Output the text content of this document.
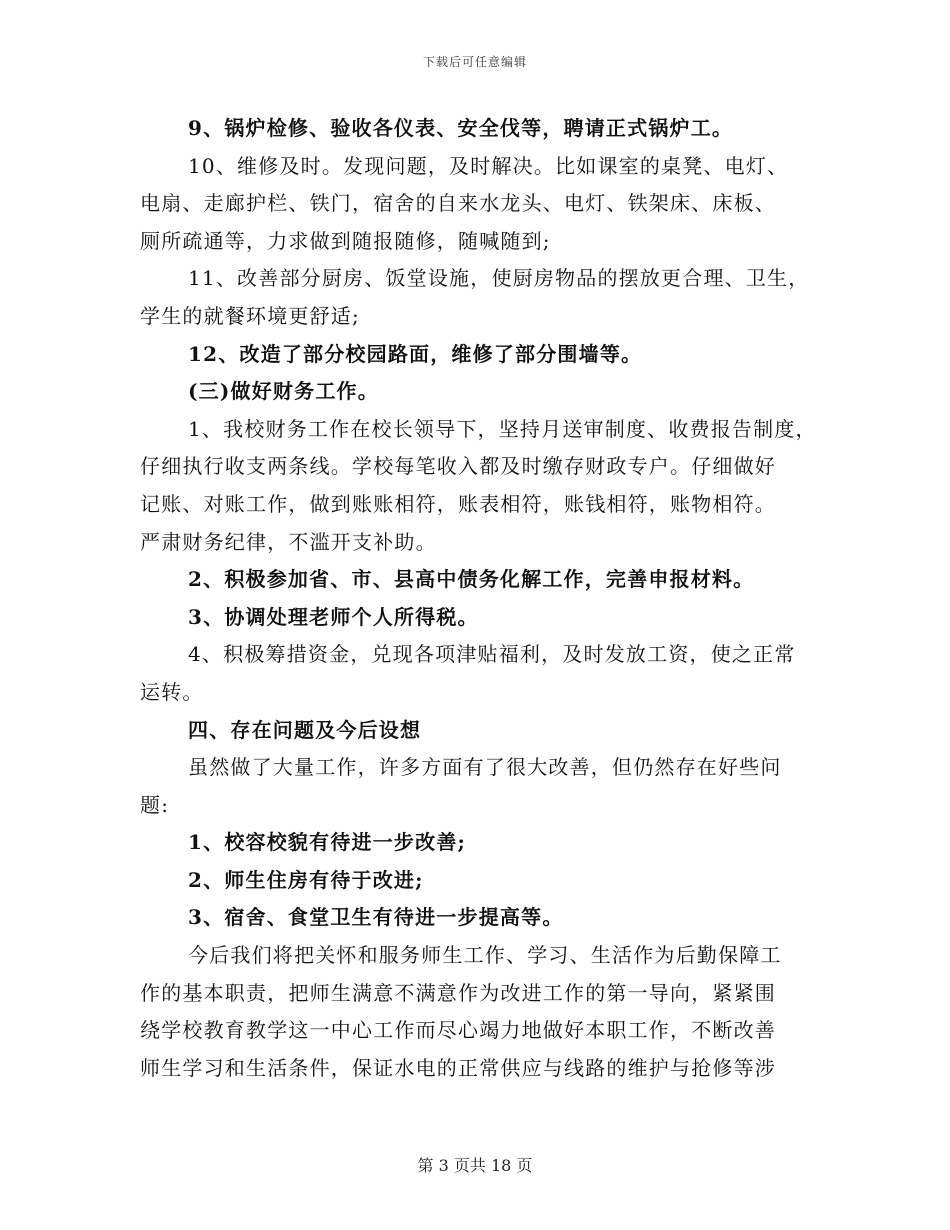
下载后可任意编辑

9、锅炉检修、验收各仪表、安全伐等，聘请正式锅炉工。

10、维修及时。发现问题，及时解决。比如课室的桌凳、电灯、
电扇、走廊护栏、铁门，宿舍的自来水龙头、电灯、铁架床、床板、
厕所疏通等，力求做到随报随修，随喊随到;

11、改善部分厨房、饭堂设施，使厨房物品的摆放更合理、卫生，
学生的就餐环境更舒适;

12、改造了部分校园路面，维修了部分围墙等。

(三)做好财务工作。

1、我校财务工作在校长领导下，坚持月送审制度、收费报告制度，
仔细执行收支两条线。学校每笔收入都及时缴存财政专户。仔细做好
记账、对账工作，做到账账相符，账表相符，账钱相符，账物相符。
严肃财务纪律，不滥开支补助。

2、积极参加省、市、县高中债务化解工作，完善申报材料。

3、协调处理老师个人所得税。

4、积极筹措资金，兑现各项津贴福利，及时发放工资，使之正常
运转。

四、存在问题及今后设想

虽然做了大量工作，许多方面有了很大改善，但仍然存在好些问
题:

1、校容校貌有待进一步改善;

2、师生住房有待于改进;

3、宿舍、食堂卫生有待进一步提高等。

今后我们将把关怀和服务师生工作、学习、生活作为后勤保障工
作的基本职责，把师生满意不满意作为改进工作的第一导向，紧紧围
绕学校教育教学这一中心工作而尽心竭力地做好本职工作，不断改善
师生学习和生活条件，保证水电的正常供应与线路的维护与抢修等涉

第 3 页共 18 页
